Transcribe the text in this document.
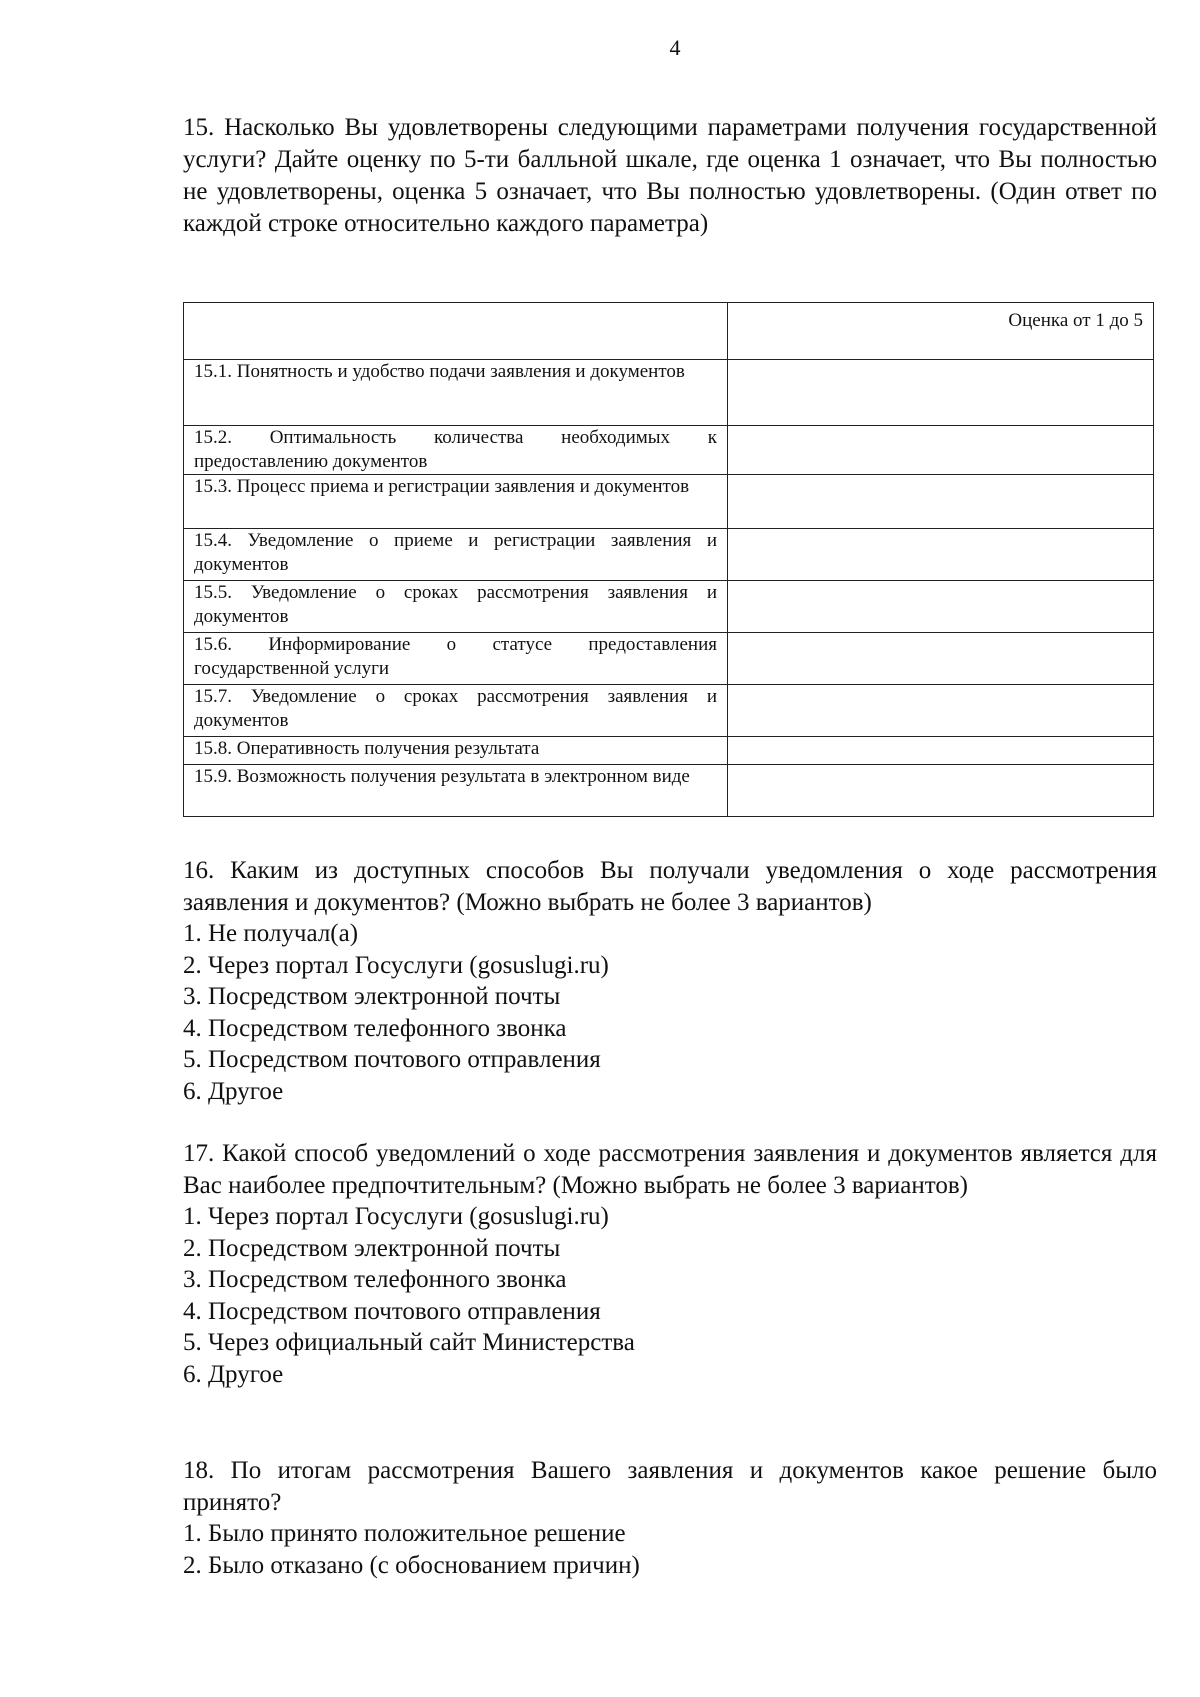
4

15. Насколько Вы удовлетворены следующими параметрами получения государственной услуги? Дайте оценку по 5-ти балльной шкале, где оценка 1 означает, что Вы полностью не удовлетворены, оценка 5 означает, что Вы полностью удовлетворены. (Один ответ по каждой строке относительно каждого параметра)

	Оценка от 1 до 5
15.1. Понятность и удобство подачи заявления и документов	
15.2. Оптимальность количества необходимых к предоставлению документов	
15.3. Процесс приема и регистрации заявления и документов	
15.4. Уведомление о приеме и регистрации заявления и документов	
15.5. Уведомление о сроках рассмотрения заявления и документов	
15.6. Информирование о статусе предоставления государственной услуги	
15.7. Уведомление о сроках рассмотрения заявления и документов	
15.8. Оперативность получения результата	
15.9. Возможность получения результата в электронном виде	

16. Каким из доступных способов Вы получали уведомления о ходе рассмотрения заявления и документов? (Можно выбрать не более 3 вариантов)

1. Не получал(а)
2. Через портал Госуслуги (gosuslugi.ru)
3. Посредством электронной почты
4. Посредством телефонного звонка
5. Посредством почтового отправления
6. Другое

17. Какой способ уведомлений о ходе рассмотрения заявления и документов является для Вас наиболее предпочтительным? (Можно выбрать не более 3 вариантов)

1. Через портал Госуслуги (gosuslugi.ru)
2. Посредством электронной почты
3. Посредством телефонного звонка
4. Посредством почтового отправления
5. Через официальный сайт Министерства
6. Другое

18. По итогам рассмотрения Вашего заявления и документов какое решение было принято?

1. Было принято положительное решение
2. Было отказано (с обоснованием причин)
